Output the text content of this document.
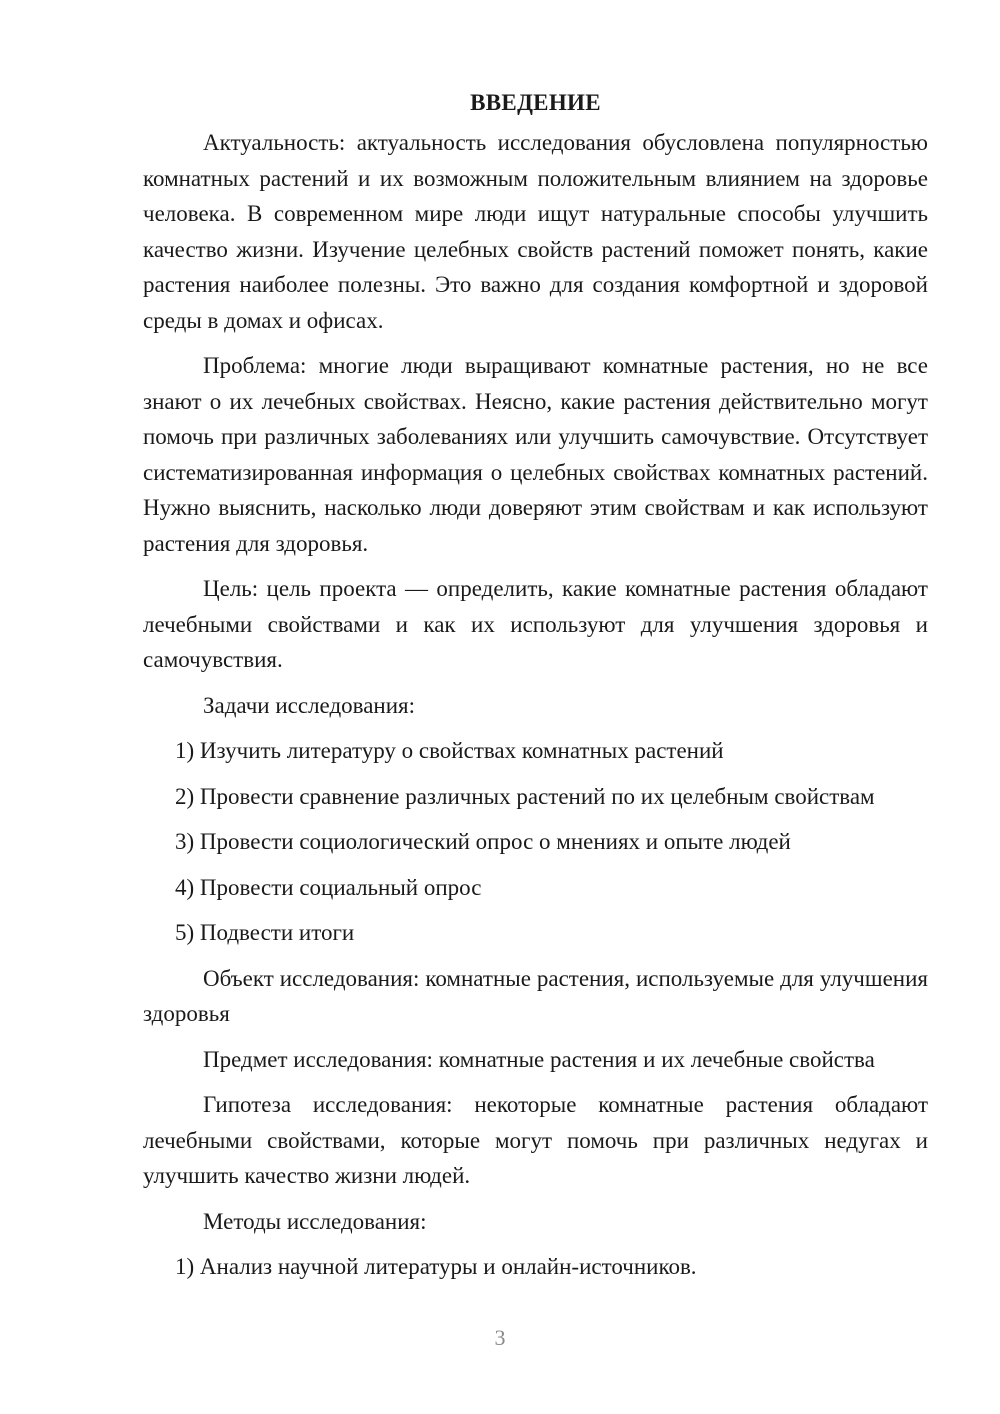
ВВЕДЕНИЕ
Актуальность: актуальность исследования обусловлена популярностью комнатных растений и их возможным положительным влиянием на здоровье человека. В современном мире люди ищут натуральные способы улучшить качество жизни. Изучение целебных свойств растений поможет понять, какие растения наиболее полезны. Это важно для создания комфортной и здоровой среды в домах и офисах.
Проблема: многие люди выращивают комнатные растения, но не все знают о их лечебных свойствах. Неясно, какие растения действительно могут помочь при различных заболеваниях или улучшить самочувствие. Отсутствует систематизированная информация о целебных свойствах комнатных растений. Нужно выяснить, насколько люди доверяют этим свойствам и как используют растения для здоровья.
Цель: цель проекта — определить, какие комнатные растения обладают лечебными свойствами и как их используют для улучшения здоровья и самочувствия.
Задачи исследования:
1) Изучить литературу о свойствах комнатных растений
2) Провести сравнение различных растений по их целебным свойствам
3) Провести социологический опрос о мнениях и опыте людей
4) Провести социальный опрос
5) Подвести итоги
Объект исследования: комнатные растения, используемые для улучшения здоровья
Предмет исследования: комнатные растения и их лечебные свойства
Гипотеза исследования: некоторые комнатные растения обладают лечебными свойствами, которые могут помочь при различных недугах и улучшить качество жизни людей.
Методы исследования:
1) Анализ научной литературы и онлайн-источников.
3
